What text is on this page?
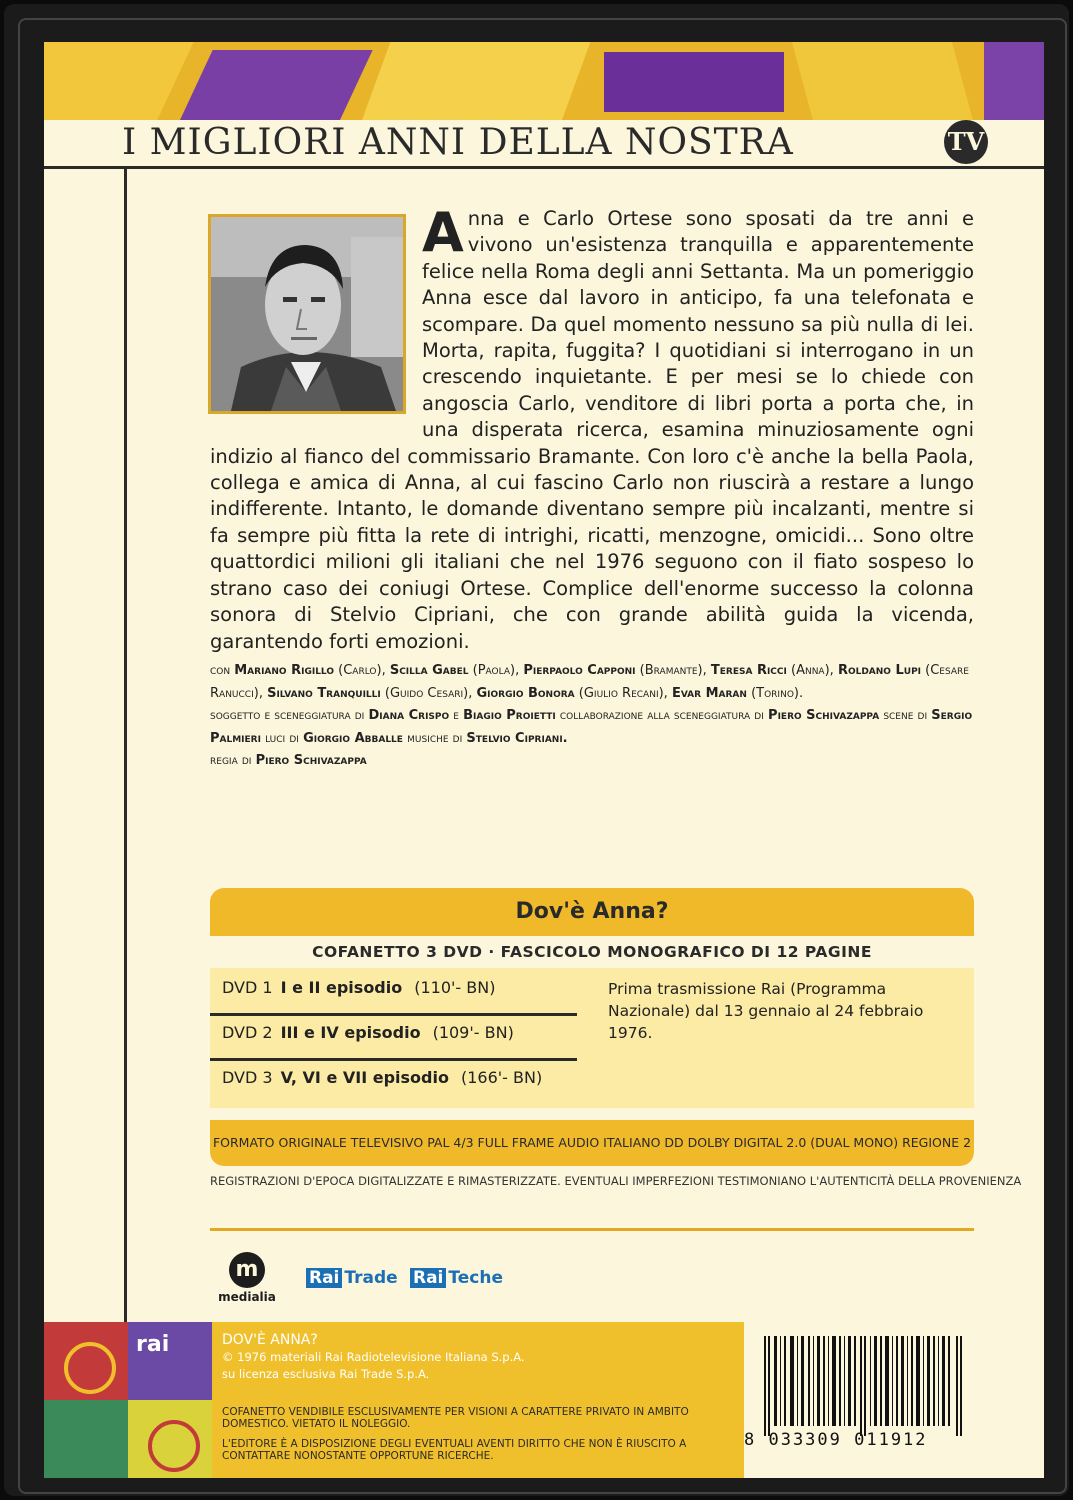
I MIGLIORI ANNI DELLA NOSTRA	TV
A nna e Carlo Ortese sono sposati da tre anni e vivono un'esistenza tranquilla e apparentemente felice nella Roma degli anni Settanta. Ma un pomeriggio Anna esce dal lavoro in anticipo, fa una telefonata e scompare. Da quel momento nessuno sa più nulla di lei. Morta, rapita, fuggita? I quotidiani si interrogano in un crescendo inquietante. E per mesi se lo chiede con angoscia Carlo, venditore di libri porta a porta che, in una disperata ricerca, esamina minuziosamente ogni indizio al fianco del commissario Bramante. Con loro c'è anche la bella Paola, collega e amica di Anna, al cui fascino Carlo non riuscirà a restare a lungo indifferente. Intanto, le domande diventano sempre più incalzanti, mentre si fa sempre più fitta la rete di intrighi, ricatti, menzogne, omicidi... Sono oltre quattordici milioni gli italiani che nel 1976 seguono con il fiato sospeso lo strano caso dei coniugi Ortese. Complice dell'enorme successo la colonna sonora di Stelvio Cipriani, che con grande abilità guida la vicenda, garantendo forti emozioni.

con Mariano Rigillo (Carlo), Scilla Gabel (Paola), Pierpaolo Capponi (Bramante), Teresa Ricci (Anna), Roldano Lupi (Cesare Ranucci), Silvano Tranquilli (Guido Cesari), Giorgio Bonora (Giulio Recani), Evar Maran (Torino).

soggetto e sceneggiatura di Diana Crispo e Biagio Proietti collaborazione alla sceneggiatura di Piero Schivazappa scene di Sergio Palmieri luci di Giorgio Abballe musiche di Stelvio Cipriani.

regia di Piero Schivazappa

Dov'è Anna?
COFANETTO 3 DVD · FASCICOLO MONOGRAFICO DI 12 PAGINE
DVD 1 I e II episodio (110'- BN)
DVD 2 III e IV episodio (109'- BN)
DVD 3 V, VI e VII episodio (166'- BN)
Prima trasmissione Rai (Programma Nazionale) dal 13 gennaio al 24 febbraio 1976.
FORMATO ORIGINALE TELEVISIVO PAL 4/3 FULL FRAME AUDIO ITALIANO DD DOLBY DIGITAL 2.0 (DUAL MONO) REGIONE 2
REGISTRAZIONI D'EPOCA DIGITALIZZATE E RIMASTERIZZATE. EVENTUALI IMPERFEZIONI TESTIMONIANO L'AUTENTICITÀ DELLA PROVENIENZA
m
medialia
Rai Trade Rai Teche
rai	DOV'È ANNA?
© 1976 materiali Rai Radiotelevisione Italiana S.p.A.
su licenza esclusiva Rai Trade S.p.A.
COFANETTO VENDIBILE ESCLUSIVAMENTE PER VISIONI A CARATTERE PRIVATO IN AMBITO DOMESTICO. VIETATO IL NOLEGGIO.
L'EDITORE È A DISPOSIZIONE DEGLI EVENTUALI AVENTI DIRITTO CHE NON È RIUSCITO A CONTATTARE NONOSTANTE OPPORTUNE RICERCHE.
8 033309 011912
